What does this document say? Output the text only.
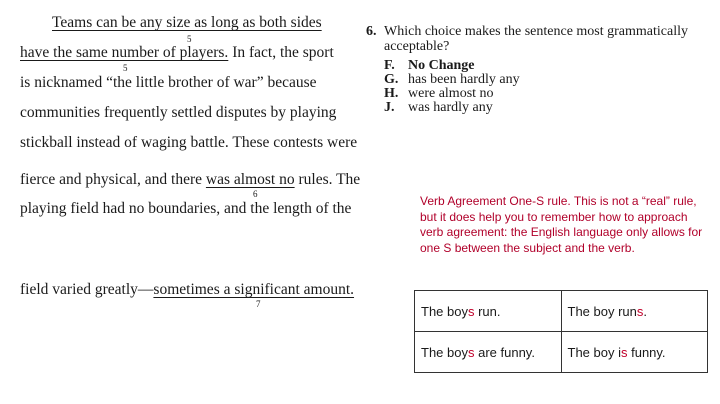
Teams can be any size as long as both sides
5
have the same number of players. In fact, the sport
5
is nicknamed “the little brother of war” because
communities frequently settled disputes by playing
stickball instead of waging battle. These contests were
fierce and physical, and there was almost no rules. The
6
playing field had no boundaries, and the length of the
field varied greatly—sometimes a significant amount.
7
6. Which choice makes the sentence most grammatically acceptable?
F. No Change
G. has been hardly any
H. were almost no
J. was hardly any
Verb Agreement One-S rule. This is not a “real” rule, but it does help you to remember how to approach verb agreement: the English language only allows for one S between the subject and the verb.
The boys run.	The boy runs.
The boys are funny.	The boy is funny.
